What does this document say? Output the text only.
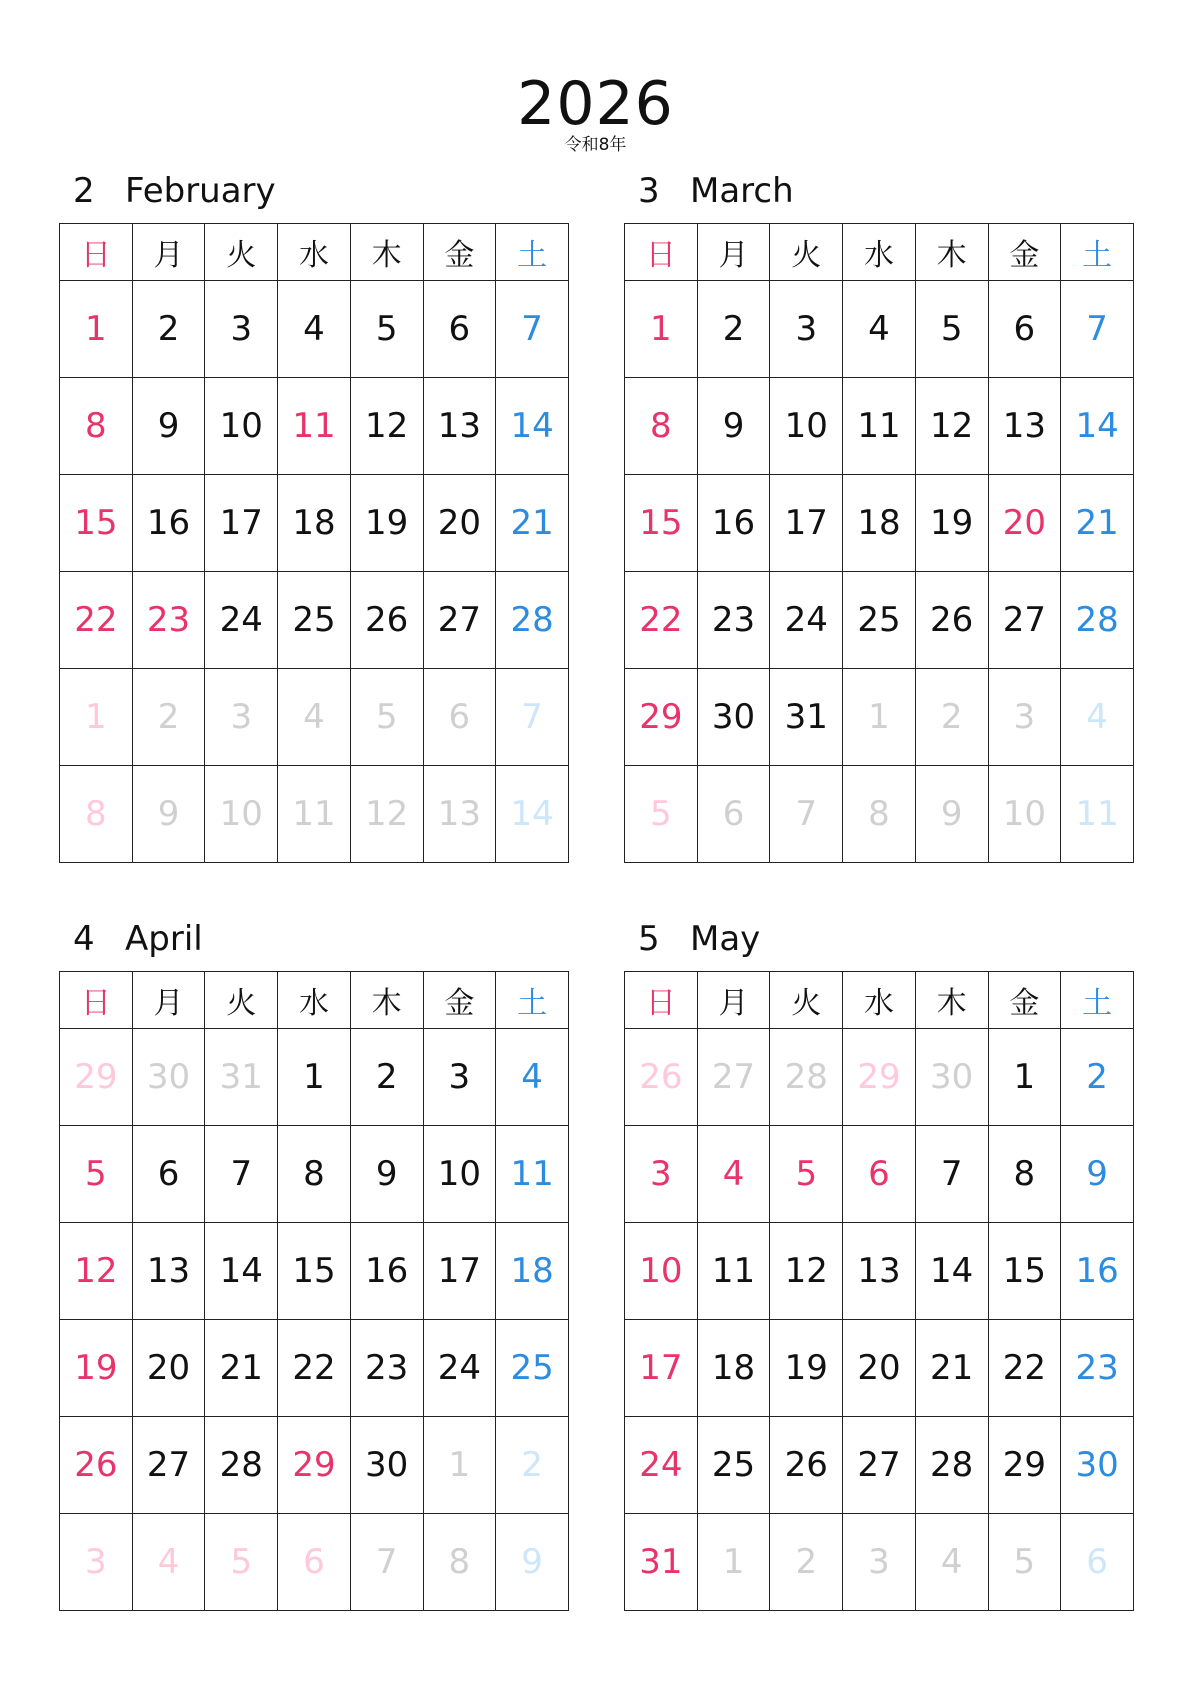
2026
令和8年
2 February
日	月	火	水	木	金	土
1	2	3	4	5	6	7
8	9	10	11	12	13	14
15	16	17	18	19	20	21
22	23	24	25	26	27	28
1	2	3	4	5	6	7
8	9	10	11	12	13	14
3 March
日	月	火	水	木	金	土
1	2	3	4	5	6	7
8	9	10	11	12	13	14
15	16	17	18	19	20	21
22	23	24	25	26	27	28
29	30	31	1	2	3	4
5	6	7	8	9	10	11
4 April
日	月	火	水	木	金	土
29	30	31	1	2	3	4
5	6	7	8	9	10	11
12	13	14	15	16	17	18
19	20	21	22	23	24	25
26	27	28	29	30	1	2
3	4	5	6	7	8	9
5 May
日	月	火	水	木	金	土
26	27	28	29	30	1	2
3	4	5	6	7	8	9
10	11	12	13	14	15	16
17	18	19	20	21	22	23
24	25	26	27	28	29	30
31	1	2	3	4	5	6
